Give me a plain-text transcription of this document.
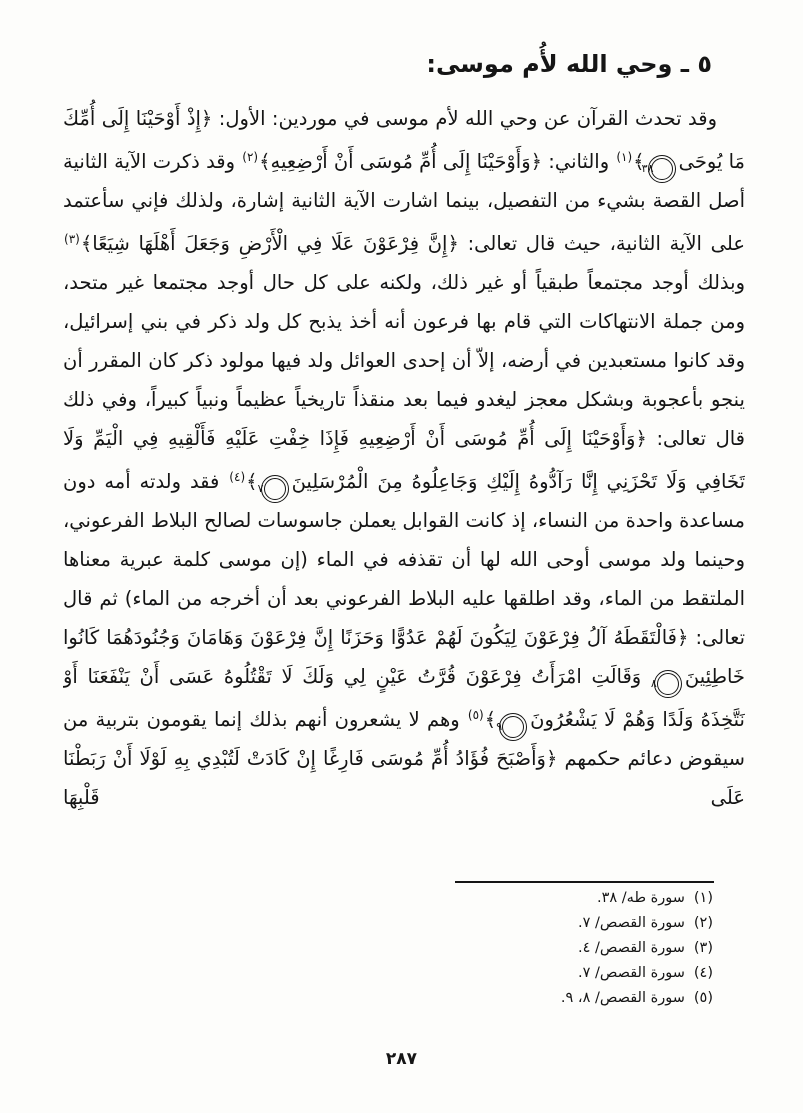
٥ ـ وحي الله لأُم موسى:

وقد تحدث القرآن عن وحي الله لأم موسى في موردين: الأول: ﴿إِذْ أَوْحَيْنَا إِلَى أُمِّكَ مَا يُوحَى٣٨﴾$^{(١)}$ والثاني: ﴿وَأَوْحَيْنَا إِلَى أُمِّ مُوسَى أَنْ أَرْضِعِيهِ﴾$^{(٢)}$ وقد ذكرت الآية الثانية أصل القصة بشيء من التفصيل، بينما اشارت الآية الثانية إشارة، ولذلك فإني سأعتمد على الآية الثانية، حيث قال تعالى: ﴿إِنَّ فِرْعَوْنَ عَلَا فِي الْأَرْضِ وَجَعَلَ أَهْلَهَا شِيَعًا﴾$^{(٣)}$ وبذلك أوجد مجتمعاً طبقياً أو غير ذلك، ولكنه على كل حال أوجد مجتمعا غير متحد، ومن جملة الانتهاكات التي قام بها فرعون أنه أخذ يذبح كل ولد ذكر في بني إسرائيل، وقد كانوا مستعبدين في أرضه، إلاّ أن إحدى العوائل ولد فيها مولود ذكر كان المقرر أن ينجو بأعجوبة وبشكل معجز ليغدو فيما بعد منقذاً تاريخياً عظيماً ونبياً كبيراً، وفي ذلك قال تعالى: ﴿وَأَوْحَيْنَا إِلَى أُمِّ مُوسَى أَنْ أَرْضِعِيهِ فَإِذَا خِفْتِ عَلَيْهِ فَأَلْقِيهِ فِي الْيَمِّ وَلَا تَخَافِي وَلَا تَحْزَنِي إِنَّا رَآدُّوهُ إِلَيْكِ وَجَاعِلُوهُ مِنَ الْمُرْسَلِينَ٧﴾$^{(٤)}$ فقد ولدته أمه دون مساعدة واحدة من النساء، إذ كانت القوابل يعملن جاسوسات لصالح البلاط الفرعوني، وحينما ولد موسى أوحى الله لها أن تقذفه في الماء (إن موسى كلمة عبرية معناها الملتقط من الماء، وقد اطلقها عليه البلاط الفرعوني بعد أن أخرجه من الماء) ثم قال تعالى: ﴿فَالْتَقَطَهُ آلُ فِرْعَوْنَ لِيَكُونَ لَهُمْ عَدُوًّا وَحَزَنًا إِنَّ فِرْعَوْنَ وَهَامَانَ وَجُنُودَهُمَا كَانُوا خَاطِئِينَ٨ وَقَالَتِ امْرَأَتُ فِرْعَوْنَ قُرَّتُ عَيْنٍ لِي وَلَكَ لَا تَقْتُلُوهُ عَسَى أَنْ يَنْفَعَنَا أَوْ نَتَّخِذَهُ وَلَدًا وَهُمْ لَا يَشْعُرُونَ٩﴾$^{(٥)}$ وهم لا يشعرون أنهم بذلك إنما يقومون بتربية من سيقوض دعائم حكمهم ﴿وَأَصْبَحَ فُؤَادُ أُمِّ مُوسَى فَارِغًا إِنْ كَادَتْ لَتُبْدِي بِهِ لَوْلَا أَنْ رَبَطْنَا عَلَى قَلْبِهَا

(١)سورة طه/ ٣٨.
(٢)سورة القصص/ ٧.
(٣)سورة القصص/ ٤.
(٤)سورة القصص/ ٧.
(٥)سورة القصص/ ٨، ٩.
٢٨٧
